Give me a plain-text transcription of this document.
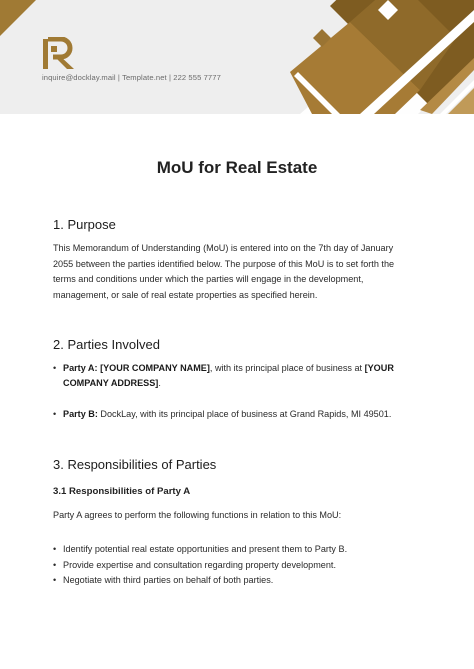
inquire@docklay.mail | Template.net | 222 555 7777
MoU for Real Estate
1. Purpose
This Memorandum of Understanding (MoU) is entered into on the 7th day of January
2055 between the parties identified below. The purpose of this MoU is to set forth the
terms and conditions under which the parties will engage in the development,
management, or sale of real estate properties as specified herein.
2. Parties Involved
• Party A: [YOUR COMPANY NAME], with its principal place of business at [YOUR
COMPANY ADDRESS].
• Party B: DockLay, with its principal place of business at Grand Rapids, MI 49501.
3. Responsibilities of Parties
3.1 Responsibilities of Party A
Party A agrees to perform the following functions in relation to this MoU:
• Identify potential real estate opportunities and present them to Party B.
• Provide expertise and consultation regarding property development.
• Negotiate with third parties on behalf of both parties.
